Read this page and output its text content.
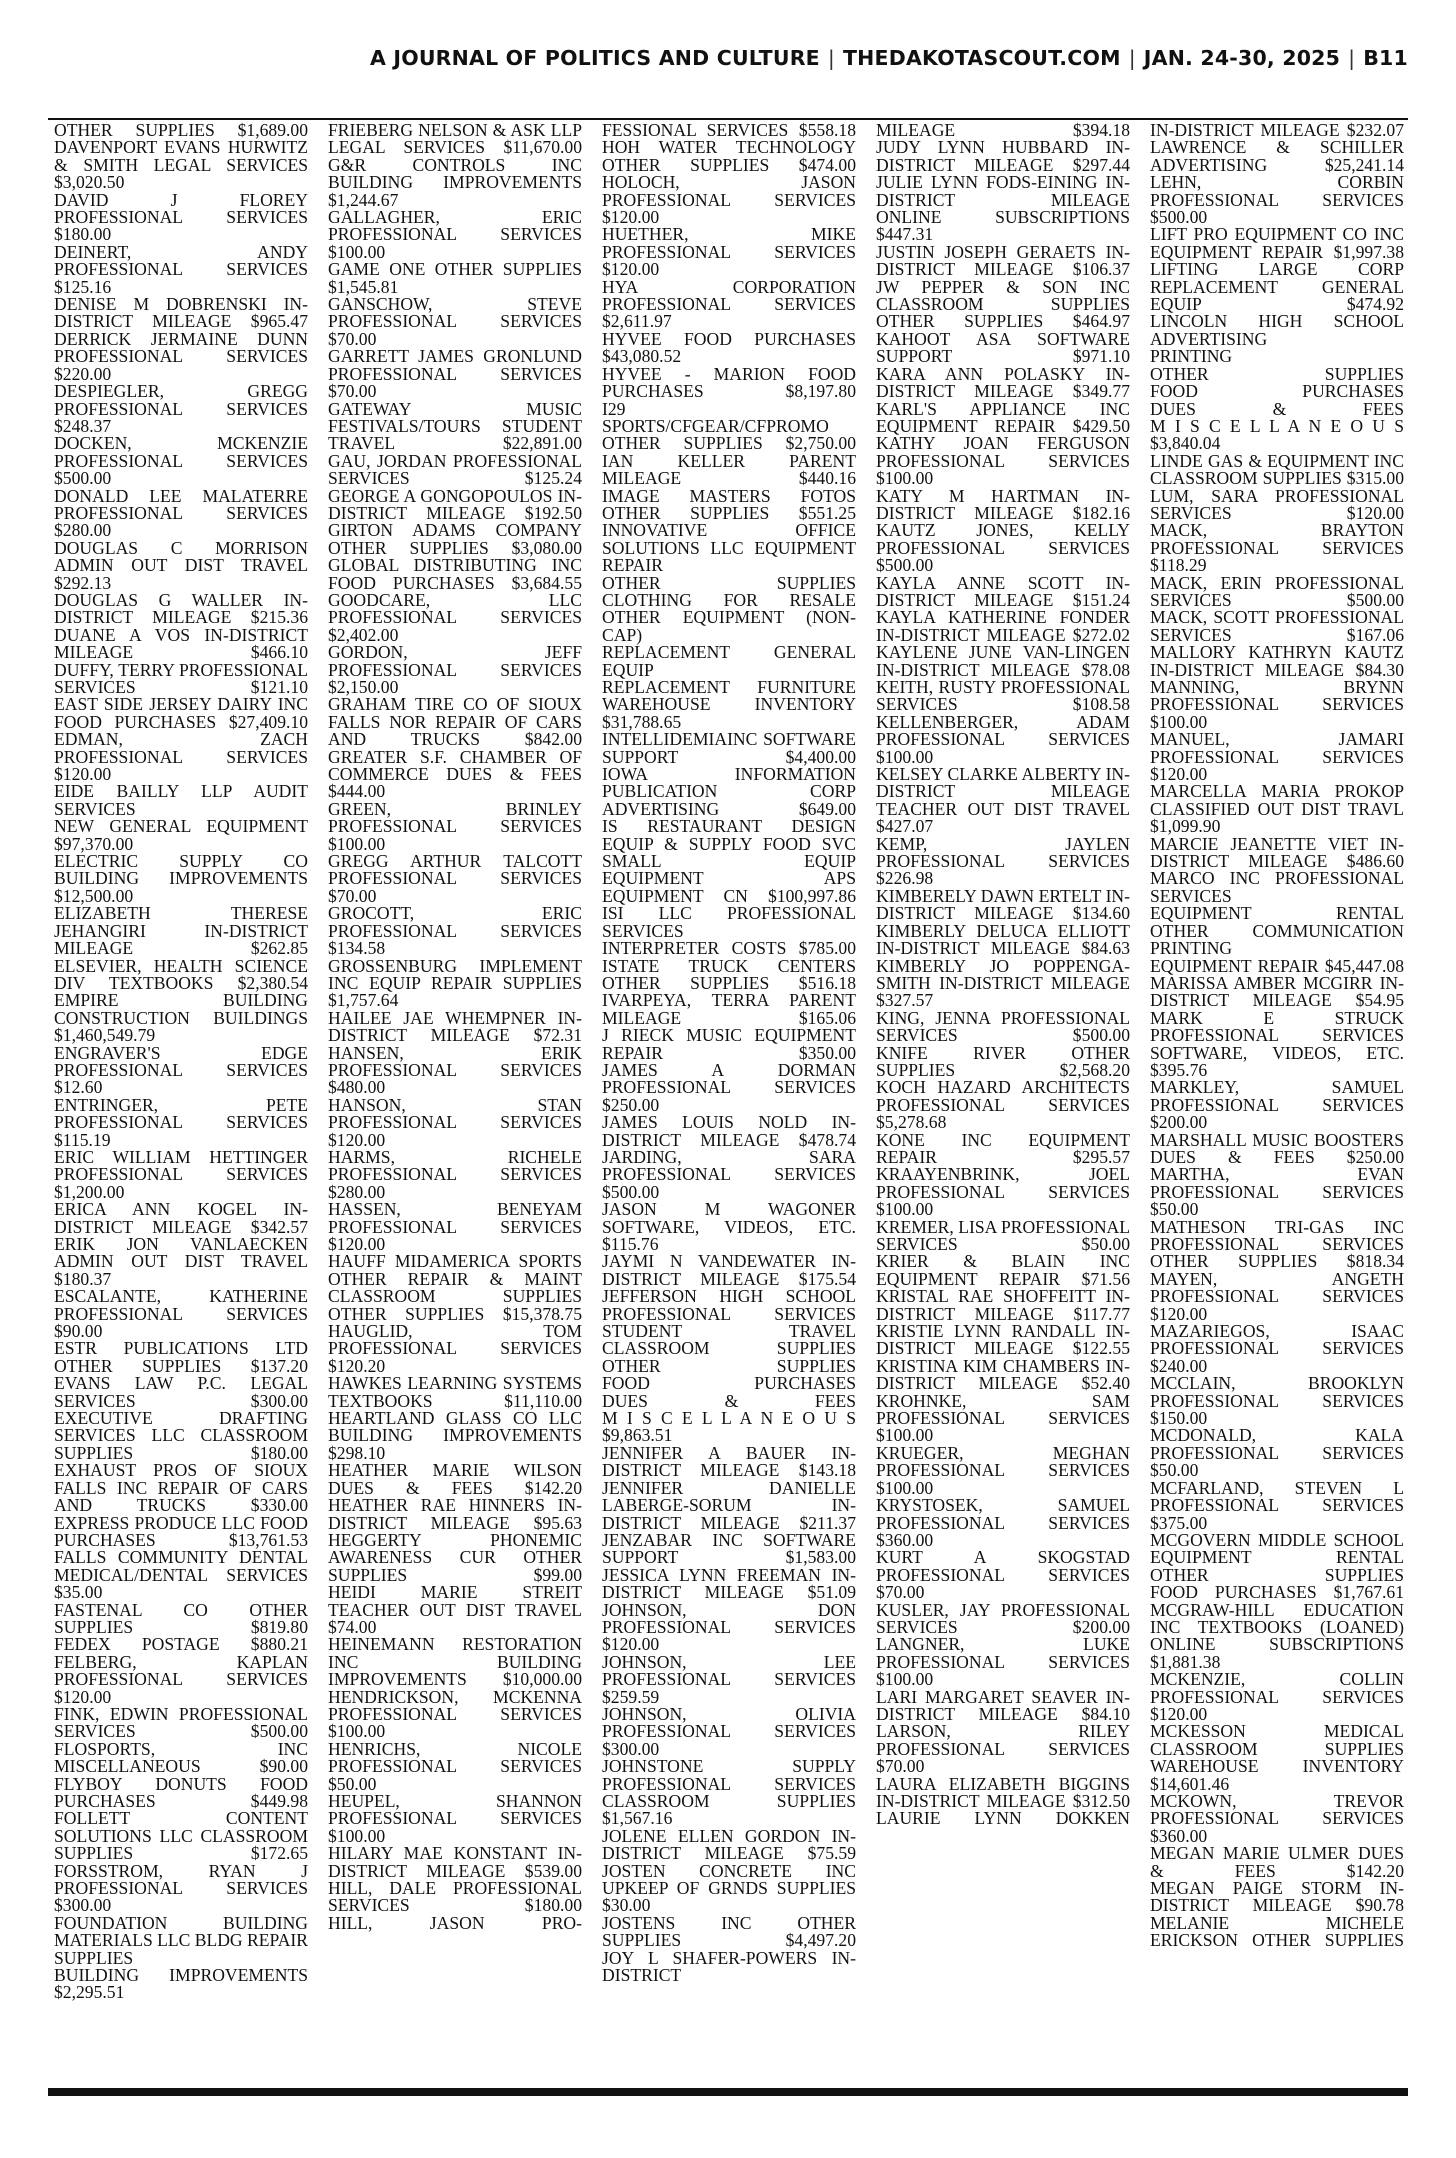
A JOURNAL OF POLITICS AND CULTURE | THEDAKOTASCOUT.COM | JAN. 24-30, 2025 | B11

OTHER SUPPLIES $1,689.00

DAVENPORT EVANS HURWITZ & SMITH LEGAL SERVICES $3,020.50

DAVID J FLOREY PROFESSIONAL SERVICES $180.00

DEINERT, ANDY PROFESSIONAL SERVICES $125.16

DENISE M DOBRENSKI IN-DISTRICT MILEAGE $965.47

DERRICK JERMAINE DUNN PROFESSIONAL SERVICES $220.00

DESPIEGLER, GREGG PROFESSIONAL SERVICES $248.37

DOCKEN, MCKENZIE PROFESSIONAL SERVICES $500.00

DONALD LEE MALATERRE PROFESSIONAL SERVICES $280.00

DOUGLAS C MORRISON ADMIN OUT DIST TRAVEL $292.13

DOUGLAS G WALLER IN-DISTRICT MILEAGE $215.36

DUANE A VOS IN-DISTRICT MILEAGE $466.10

DUFFY, TERRY PROFESSIONAL SERVICES $121.10

EAST SIDE JERSEY DAIRY INC FOOD PURCHASES $27,409.10

EDMAN, ZACH PROFESSIONAL SERVICES $120.00

EIDE BAILLY LLP AUDIT SERVICES

NEW GENERAL EQUIPMENT $97,370.00

ELECTRIC SUPPLY CO BUILDING IMPROVEMENTS $12,500.00

ELIZABETH THERESE JEHANGIRI IN-DISTRICT MILEAGE $262.85

ELSEVIER, HEALTH SCIENCE DIV TEXTBOOKS $2,380.54

EMPIRE BUILDING CONSTRUCTION BUILDINGS $1,460,549.79

ENGRAVER'S EDGE PROFESSIONAL SERVICES $12.60

ENTRINGER, PETE PROFESSIONAL SERVICES $115.19

ERIC WILLIAM HETTINGER PROFESSIONAL SERVICES $1,200.00

ERICA ANN KOGEL IN-DISTRICT MILEAGE $342.57

ERIK JON VANLAECKEN ADMIN OUT DIST TRAVEL $180.37

ESCALANTE, KATHERINE PROFESSIONAL SERVICES $90.00

ESTR PUBLICATIONS LTD OTHER SUPPLIES $137.20

EVANS LAW P.C. LEGAL SERVICES $300.00

EXECUTIVE DRAFTING SERVICES LLC CLASSROOM SUPPLIES $180.00

EXHAUST PROS OF SIOUX FALLS INC REPAIR OF CARS AND TRUCKS $330.00

EXPRESS PRODUCE LLC FOOD PURCHASES $13,761.53

FALLS COMMUNITY DENTAL MEDICAL/DENTAL SERVICES $35.00

FASTENAL CO OTHER SUPPLIES $819.80

FEDEX POSTAGE $880.21

FELBERG, KAPLAN PROFESSIONAL SERVICES $120.00

FINK, EDWIN PROFESSIONAL SERVICES $500.00

FLOSPORTS, INC MISCELLANEOUS $90.00

FLYBOY DONUTS FOOD PURCHASES $449.98

FOLLETT CONTENT SOLUTIONS LLC CLASSROOM SUPPLIES $172.65

FORSSTROM, RYAN J PROFESSIONAL SERVICES $300.00

FOUNDATION BUILDING MATERIALS LLC BLDG REPAIR SUPPLIES

BUILDING IMPROVEMENTS $2,295.51

FRIEBERG NELSON & ASK LLP LEGAL SERVICES $11,670.00

G&R CONTROLS INC BUILDING IMPROVEMENTS $1,244.67

GALLAGHER, ERIC PROFESSIONAL SERVICES $100.00

GAME ONE OTHER SUPPLIES $1,545.81

GANSCHOW, STEVE PROFESSIONAL SERVICES $70.00

GARRETT JAMES GRONLUND PROFESSIONAL SERVICES $70.00

GATEWAY MUSIC FESTIVALS/TOURS STUDENT TRAVEL $22,891.00

GAU, JORDAN PROFESSIONAL SERVICES $125.24

GEORGE A GONGOPOULOS IN-DISTRICT MILEAGE $192.50

GIRTON ADAMS COMPANY OTHER SUPPLIES $3,080.00

GLOBAL DISTRIBUTING INC FOOD PURCHASES $3,684.55

GOODCARE, LLC PROFESSIONAL SERVICES $2,402.00

GORDON, JEFF PROFESSIONAL SERVICES $2,150.00

GRAHAM TIRE CO OF SIOUX FALLS NOR REPAIR OF CARS AND TRUCKS $842.00

GREATER S.F. CHAMBER OF COMMERCE DUES & FEES $444.00

GREEN, BRINLEY PROFESSIONAL SERVICES $100.00

GREGG ARTHUR TALCOTT PROFESSIONAL SERVICES $70.00

GROCOTT, ERIC PROFESSIONAL SERVICES $134.58

GROSSENBURG IMPLEMENT INC EQUIP REPAIR SUPPLIES $1,757.64

HAILEE JAE WHEMPNER IN-DISTRICT MILEAGE $72.31

HANSEN, ERIK PROFESSIONAL SERVICES $480.00

HANSON, STAN PROFESSIONAL SERVICES $120.00

HARMS, RICHELE PROFESSIONAL SERVICES $280.00

HASSEN, BENEYAM PROFESSIONAL SERVICES $120.00

HAUFF MIDAMERICA SPORTS OTHER REPAIR & MAINT

CLASSROOM SUPPLIES

OTHER SUPPLIES $15,378.75

HAUGLID, TOM PROFESSIONAL SERVICES $120.20

HAWKES LEARNING SYSTEMS TEXTBOOKS $11,110.00

HEARTLAND GLASS CO LLC BUILDING IMPROVEMENTS $298.10

HEATHER MARIE WILSON DUES & FEES $142.20

HEATHER RAE HINNERS IN-DISTRICT MILEAGE $95.63

HEGGERTY PHONEMIC AWARENESS CUR OTHER SUPPLIES $99.00

HEIDI MARIE STREIT TEACHER OUT DIST TRAVEL $74.00

HEINEMANN RESTORATION INC BUILDING IMPROVEMENTS $10,000.00

HENDRICKSON, MCKENNA PROFESSIONAL SERVICES $100.00

HENRICHS, NICOLE PROFESSIONAL SERVICES $50.00

HEUPEL, SHANNON PROFESSIONAL SERVICES $100.00

HILARY MAE KONSTANT IN-DISTRICT MILEAGE $539.00

HILL, DALE PROFESSIONAL SERVICES $180.00

HILL, JASON PRO-

FESSIONAL SERVICES $558.18

HOH WATER TECHNOLOGY OTHER SUPPLIES $474.00

HOLOCH, JASON PROFESSIONAL SERVICES $120.00

HUETHER, MIKE PROFESSIONAL SERVICES $120.00

HYA CORPORATION PROFESSIONAL SERVICES $2,611.97

HYVEE FOOD PURCHASES $43,080.52

HYVEE - MARION FOOD PURCHASES $8,197.80

I29 SPORTS/CFGEAR/CFPROMO OTHER SUPPLIES $2,750.00

IAN KELLER PARENT MILEAGE $440.16

IMAGE MASTERS FOTOS OTHER SUPPLIES $551.25

INNOVATIVE OFFICE SOLUTIONS LLC EQUIPMENT REPAIR

OTHER SUPPLIES

CLOTHING FOR RESALE

OTHER EQUIPMENT (NON-CAP)

REPLACEMENT GENERAL EQUIP

REPLACEMENT FURNITURE

WAREHOUSE INVENTORY $31,788.65

INTELLIDEMIAINC SOFTWARE SUPPORT $4,400.00

IOWA INFORMATION PUBLICATION CORP ADVERTISING $649.00

IS RESTAURANT DESIGN EQUIP & SUPPLY FOOD SVC SMALL EQUIP

EQUIPMENT APS

EQUIPMENT CN $100,997.86

ISI LLC PROFESSIONAL SERVICES

INTERPRETER COSTS $785.00

ISTATE TRUCK CENTERS OTHER SUPPLIES $516.18

IVARPEYA, TERRA PARENT MILEAGE $165.06

J RIECK MUSIC EQUIPMENT REPAIR $350.00

JAMES A DORMAN PROFESSIONAL SERVICES $250.00

JAMES LOUIS NOLD IN-DISTRICT MILEAGE $478.74

JARDING, SARA PROFESSIONAL SERVICES $500.00

JASON M WAGONER SOFTWARE, VIDEOS, ETC. $115.76

JAYMI N VANDEWATER IN-DISTRICT MILEAGE $175.54

JEFFERSON HIGH SCHOOL PROFESSIONAL SERVICES

STUDENT TRAVEL

CLASSROOM SUPPLIES

OTHER SUPPLIES

FOOD PURCHASES

DUES & FEES

M I S C E L L A N E O U S $9,863.51

JENNIFER A BAUER IN-DISTRICT MILEAGE $143.18

JENNIFER DANIELLE LABERGE-SORUM IN-DISTRICT MILEAGE $211.37

JENZABAR INC SOFTWARE SUPPORT $1,583.00

JESSICA LYNN FREEMAN IN-DISTRICT MILEAGE $51.09

JOHNSON, DON PROFESSIONAL SERVICES $120.00

JOHNSON, LEE PROFESSIONAL SERVICES $259.59

JOHNSON, OLIVIA PROFESSIONAL SERVICES $300.00

JOHNSTONE SUPPLY PROFESSIONAL SERVICES

CLASSROOM SUPPLIES $1,567.16

JOLENE ELLEN GORDON IN-DISTRICT MILEAGE $75.59

JOSTEN CONCRETE INC UPKEEP OF GRNDS SUPPLIES $30.00

JOSTENS INC OTHER SUPPLIES $4,497.20

JOY L SHAFER-POWERS IN-DISTRICT

MILEAGE $394.18

JUDY LYNN HUBBARD IN-DISTRICT MILEAGE $297.44

JULIE LYNN FODS-EINING IN-DISTRICT MILEAGE

ONLINE SUBSCRIPTIONS $447.31

JUSTIN JOSEPH GERAETS IN-DISTRICT MILEAGE $106.37

JW PEPPER & SON INC CLASSROOM SUPPLIES

OTHER SUPPLIES $464.97

KAHOOT ASA SOFTWARE SUPPORT $971.10

KARA ANN POLASKY IN-DISTRICT MILEAGE $349.77

KARL'S APPLIANCE INC EQUIPMENT REPAIR $429.50

KATHY JOAN FERGUSON PROFESSIONAL SERVICES $100.00

KATY M HARTMAN IN-DISTRICT MILEAGE $182.16

KAUTZ JONES, KELLY PROFESSIONAL SERVICES $500.00

KAYLA ANNE SCOTT IN-DISTRICT MILEAGE $151.24

KAYLA KATHERINE FONDER IN-DISTRICT MILEAGE $272.02

KAYLENE JUNE VAN-LINGEN IN-DISTRICT MILEAGE $78.08

KEITH, RUSTY PROFESSIONAL SERVICES $108.58

KELLENBERGER, ADAM PROFESSIONAL SERVICES $100.00

KELSEY CLARKE ALBERTY IN-DISTRICT MILEAGE

TEACHER OUT DIST TRAVEL $427.07

KEMP, JAYLEN PROFESSIONAL SERVICES $226.98

KIMBERELY DAWN ERTELT IN-DISTRICT MILEAGE $134.60

KIMBERLY DELUCA ELLIOTT IN-DISTRICT MILEAGE $84.63

KIMBERLY JO POPPENGA-SMITH IN-DISTRICT MILEAGE $327.57

KING, JENNA PROFESSIONAL SERVICES $500.00

KNIFE RIVER OTHER SUPPLIES $2,568.20

KOCH HAZARD ARCHITECTS PROFESSIONAL SERVICES $5,278.68

KONE INC EQUIPMENT REPAIR $295.57

KRAAYENBRINK, JOEL PROFESSIONAL SERVICES $100.00

KREMER, LISA PROFESSIONAL SERVICES $50.00

KRIER & BLAIN INC EQUIPMENT REPAIR $71.56

KRISTAL RAE SHOFFEITT IN-DISTRICT MILEAGE $117.77

KRISTIE LYNN RANDALL IN-DISTRICT MILEAGE $122.55

KRISTINA KIM CHAMBERS IN-DISTRICT MILEAGE $52.40

KROHNKE, SAM PROFESSIONAL SERVICES $100.00

KRUEGER, MEGHAN PROFESSIONAL SERVICES $100.00

KRYSTOSEK, SAMUEL PROFESSIONAL SERVICES $360.00

KURT A SKOGSTAD PROFESSIONAL SERVICES $70.00

KUSLER, JAY PROFESSIONAL SERVICES $200.00

LANGNER, LUKE PROFESSIONAL SERVICES $100.00

LARI MARGARET SEAVER IN-DISTRICT MILEAGE $84.10

LARSON, RILEY PROFESSIONAL SERVICES $70.00

LAURA ELIZABETH BIGGINS IN-DISTRICT MILEAGE $312.50

LAURIE LYNN DOKKEN

IN-DISTRICT MILEAGE $232.07

LAWRENCE & SCHILLER ADVERTISING $25,241.14

LEHN, CORBIN PROFESSIONAL SERVICES $500.00

LIFT PRO EQUIPMENT CO INC EQUIPMENT REPAIR $1,997.38

LIFTING LARGE CORP REPLACEMENT GENERAL EQUIP $474.92

LINCOLN HIGH SCHOOL ADVERTISING

PRINTING

OTHER SUPPLIES

FOOD PURCHASES

DUES & FEES

M I S C E L L A N E O U S $3,840.04

LINDE GAS & EQUIPMENT INC CLASSROOM SUPPLIES $315.00

LUM, SARA PROFESSIONAL SERVICES $120.00

MACK, BRAYTON PROFESSIONAL SERVICES $118.29

MACK, ERIN PROFESSIONAL SERVICES $500.00

MACK, SCOTT PROFESSIONAL SERVICES $167.06

MALLORY KATHRYN KAUTZ IN-DISTRICT MILEAGE $84.30

MANNING, BRYNN PROFESSIONAL SERVICES $100.00

MANUEL, JAMARI PROFESSIONAL SERVICES $120.00

MARCELLA MARIA PROKOP CLASSIFIED OUT DIST TRAVL $1,099.90

MARCIE JEANETTE VIET IN-DISTRICT MILEAGE $486.60

MARCO INC PROFESSIONAL SERVICES

EQUIPMENT RENTAL

OTHER COMMUNICATION

PRINTING

EQUIPMENT REPAIR $45,447.08

MARISSA AMBER MCGIRR IN-DISTRICT MILEAGE $54.95

MARK E STRUCK PROFESSIONAL SERVICES

SOFTWARE, VIDEOS, ETC. $395.76

MARKLEY, SAMUEL PROFESSIONAL SERVICES $200.00

MARSHALL MUSIC BOOSTERS DUES & FEES $250.00

MARTHA, EVAN PROFESSIONAL SERVICES $50.00

MATHESON TRI-GAS INC PROFESSIONAL SERVICES

OTHER SUPPLIES $818.34

MAYEN, ANGETH PROFESSIONAL SERVICES $120.00

MAZARIEGOS, ISAAC PROFESSIONAL SERVICES $240.00

MCCLAIN, BROOKLYN PROFESSIONAL SERVICES $150.00

MCDONALD, KALA PROFESSIONAL SERVICES $50.00

MCFARLAND, STEVEN L PROFESSIONAL SERVICES $375.00

MCGOVERN MIDDLE SCHOOL EQUIPMENT RENTAL

OTHER SUPPLIES

FOOD PURCHASES $1,767.61

MCGRAW-HILL EDUCATION INC TEXTBOOKS (LOANED)

ONLINE SUBSCRIPTIONS $1,881.38

MCKENZIE, COLLIN PROFESSIONAL SERVICES $120.00

MCKESSON MEDICAL CLASSROOM SUPPLIES

WAREHOUSE INVENTORY $14,601.46

MCKOWN, TREVOR PROFESSIONAL SERVICES $360.00

MEGAN MARIE ULMER DUES & FEES $142.20

MEGAN PAIGE STORM IN-DISTRICT MILEAGE $90.78

MELANIE MICHELE ERICKSON OTHER SUPPLIES
